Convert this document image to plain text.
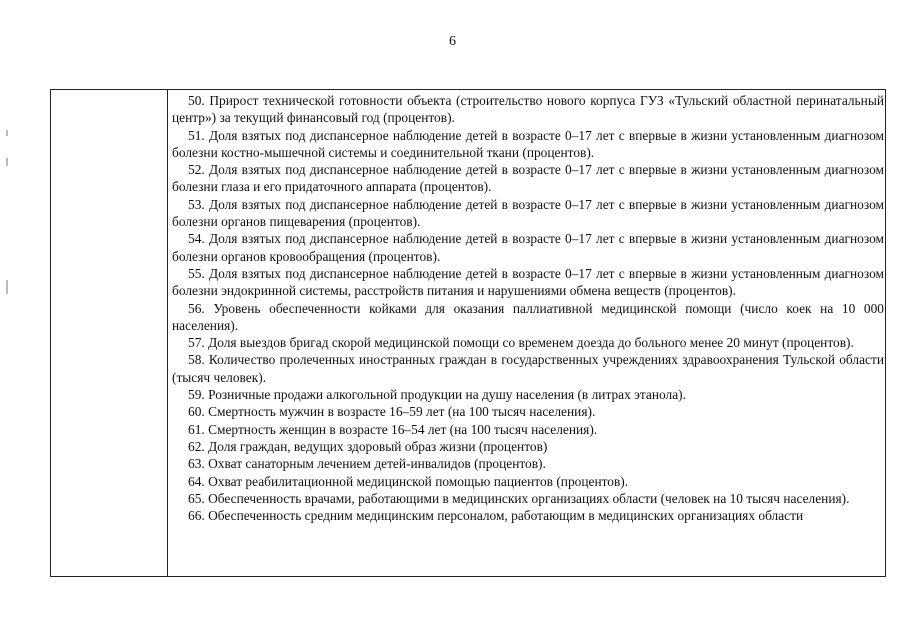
6
50. Прирост технической готовности объекта (строительство нового корпуса ГУЗ «Тульский областной перинатальный центр») за текущий финансовый год (процентов).
51. Доля взятых под диспансерное наблюдение детей в возрасте 0–17 лет с впервые в жизни установленным диагнозом болезни костно-мышечной системы и соединительной ткани (процентов).
52. Доля взятых под диспансерное наблюдение детей в возрасте 0–17 лет с впервые в жизни установленным диагнозом болезни глаза и его придаточного аппарата (процентов).
53. Доля взятых под диспансерное наблюдение детей в возрасте 0–17 лет с впервые в жизни установленным диагнозом болезни органов пищеварения (процентов).
54. Доля взятых под диспансерное наблюдение детей в возрасте 0–17 лет с впервые в жизни установленным диагнозом болезни органов кровообращения (процентов).
55. Доля взятых под диспансерное наблюдение детей в возрасте 0–17 лет с впервые в жизни установленным диагнозом болезни эндокринной системы, расстройств питания и нарушениями обмена веществ (процентов).
56. Уровень обеспеченности койками для оказания паллиативной медицинской помощи (число коек на 10 000 населения).
57. Доля выездов бригад скорой медицинской помощи со временем доезда до больного менее 20 минут (процентов).
58. Количество пролеченных иностранных граждан в государственных учреждениях здравоохранения Тульской области (тысяч человек).
59. Розничные продажи алкогольной продукции на душу населения (в литрах этанола).
60. Смертность мужчин в возрасте 16–59 лет (на 100 тысяч населения).
61. Смертность женщин в возрасте 16–54 лет (на 100 тысяч населения).
62. Доля граждан, ведущих здоровый образ жизни (процентов)
63. Охват санаторным лечением детей-инвалидов (процентов).
64. Охват реабилитационной медицинской помощью пациентов (процентов).
65. Обеспеченность врачами, работающими в медицинских организациях области (человек на 10 тысяч населения).
66. Обеспеченность средним медицинским персоналом, работающим в медицинских организациях области
